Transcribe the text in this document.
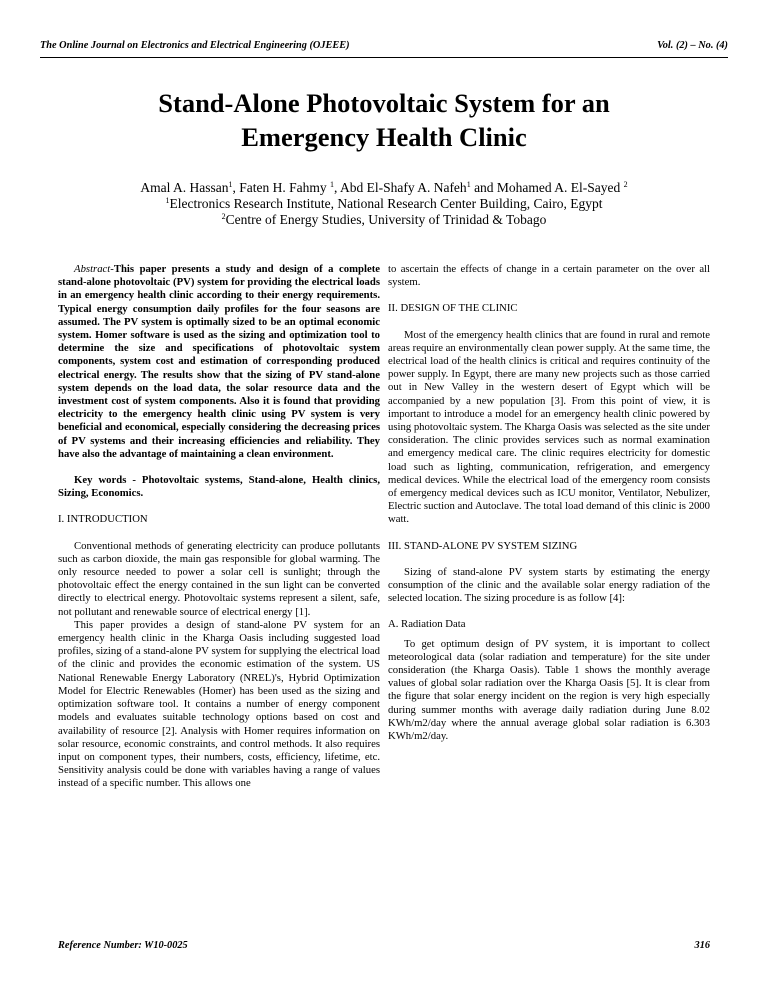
The Online Journal on Electronics and Electrical Engineering (OJEEE)	Vol. (2) – No. (4)
Stand-Alone Photovoltaic System for an
Emergency Health Clinic
Amal A. Hassan$^1$, Faten H. Fahmy $^1$, Abd El-Shafy A. Nafeh$^1$ and Mohamed A. El-Sayed $^2$
$^1$Electronics Research Institute, National Research Center Building, Cairo, Egypt
$^2$Centre of Energy Studies, University of Trinidad & Tobago

Abstract-This paper presents a study and design of a complete stand-alone photovoltaic (PV) system for providing the electrical loads in an emergency health clinic according to their energy requirements. Typical energy consumption daily profiles for the four seasons are assumed. The PV system is optimally sized to be an optimal economic system. Homer software is used as the sizing and optimization tool to determine the size and specifications of photovoltaic system components, system cost and estimation of corresponding produced electrical energy. The results show that the sizing of PV stand-alone system depends on the load data, the solar resource data and the investment cost of system components. Also it is found that providing electricity to the emergency health clinic using PV system is very beneficial and economical, especially considering the decreasing prices of PV systems and their increasing efficiencies and reliability. They have also the advantage of maintaining a clean environment.

Key words - Photovoltaic systems, Stand-alone, Health clinics, Sizing, Economics.

I. INTRODUCTION

Conventional methods of generating electricity can produce pollutants such as carbon dioxide, the main gas responsible for global warming. The only resource needed to power a solar cell is sunlight; through the photovoltaic effect the energy contained in the sun light can be converted directly to electrical energy. Photovoltaic systems represent a silent, safe, not pollutant and renewable source of electrical energy [1].

This paper provides a design of stand-alone PV system for an emergency health clinic in the Kharga Oasis including suggested load profiles, sizing of a stand-alone PV system for supplying the electrical load of the clinic and provides the economic estimation of the system. US National Renewable Energy Laboratory (NREL)'s, Hybrid Optimization Model for Electric Renewables (Homer) has been used as the sizing and optimization software tool. It contains a number of energy component models and evaluates suitable technology options based on cost and availability of resource [2]. Analysis with Homer requires information on solar resource, economic constraints, and control methods. It also requires input on component types, their numbers, costs, efficiency, lifetime, etc. Sensitivity analysis could be done with variables having a range of values instead of a specific number. This allows one

to ascertain the effects of change in a certain parameter on the over all system.

II. DESIGN OF THE CLINIC

Most of the emergency health clinics that are found in rural and remote areas require an environmentally clean power supply. At the same time, the electrical load of the health clinics is critical and requires continuity of the power supply. In Egypt, there are many new projects such as those carried out in New Valley in the western desert of Egypt which will be accompanied by a new population [3]. From this point of view, it is important to introduce a model for an emergency health clinic powered by using photovoltaic system. The Kharga Oasis was selected as the site under consideration. The clinic provides services such as normal examination and emergency medical care. The clinic requires electricity for domestic load such as lighting, communication, refrigeration, and emergency medical devices. While the electrical load of the emergency room consists of emergency medical devices such as ICU monitor, Ventilator, Nebulizer, Electric suction and Autoclave. The total load demand of this clinic is 2000 watt.

III. STAND-ALONE PV SYSTEM SIZING

Sizing of stand-alone PV system starts by estimating the energy consumption of the clinic and the available solar energy radiation of the selected location. The sizing procedure is as follow [4]:

A. Radiation Data

To get optimum design of PV system, it is important to collect meteorological data (solar radiation and temperature) for the site under consideration (the Kharga Oasis). Table 1 shows the monthly average values of global solar radiation over the Kharga Oasis [5]. It is clear from the figure that solar energy incident on the region is very high especially during summer months with average daily radiation during June 8.02 KWh/m2/day where the annual average global solar radiation is 6.303 KWh/m2/day.

Reference Number: W10-0025	316
